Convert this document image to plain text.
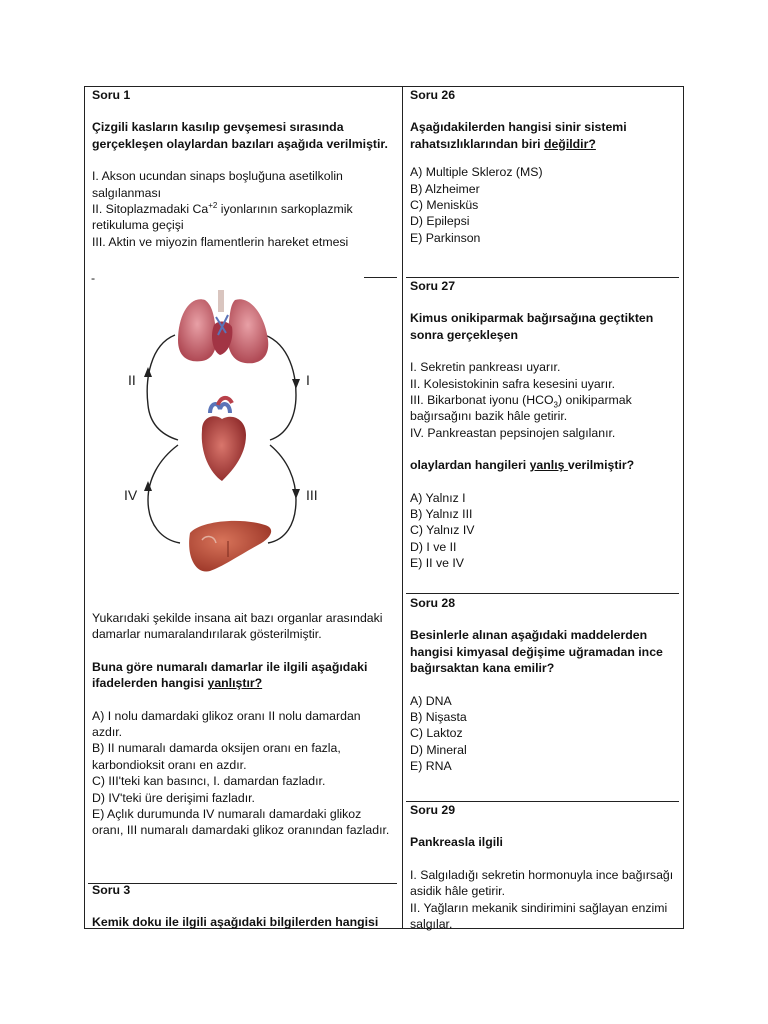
Soru 1

Çizgili kasların kasılıp gevşemesi sırasında gerçekleşen olaylardan bazıları aşağıda verilmiştir.

I. Akson ucundan sinaps boşluğuna asetilkolin salgılanması

II. Sitoplazmadaki $Ca^{+2}$ iyonlarının sarkoplazmik retikuluma geçişi

III. Aktin ve miyozin flamentlerin hareket etmesi

-
I
II
III
IV

Yukarıdaki şekilde insana ait bazı organlar arasındaki damarlar numaralandırılarak gösterilmiştir.

Buna göre numaralı damarlar ile ilgili aşağıdaki ifadelerden hangisi yanlıştır?

A) I nolu damardaki glikoz oranı II nolu damardan azdır.

B) II numaralı damarda oksijen oranı en fazla, karbondioksit oranı en azdır.

C) III'teki kan basıncı, I. damardan fazladır.

D) IV'teki üre derişimi fazladır.

E) Açlık durumunda IV numaralı damardaki glikoz oranı, III numaralı damardaki glikoz oranından fazladır.

Soru 3

Kemik doku ile ilgili aşağıdaki bilgilerden hangisi

Soru 26

Aşağıdakilerden hangisi sinir sistemi rahatsızlıklarından biri değildir?

A) Multiple Skleroz (MS)

B) Alzheimer

C) Menisküs

D) Epilepsi

E) Parkinson

Soru 27

Kimus onikiparmak bağırsağına geçtikten sonra gerçekleşen

I. Sekretin pankreası uyarır.

II. Kolesistokinin safra kesesini uyarır.

III. Bikarbonat iyonu $(HCO_3)$ onikiparmak bağırsağını bazik hâle getirir.

IV. Pankreastan pepsinojen salgılanır.

olaylardan hangileri yanlış verilmiştir?

A) Yalnız I

B) Yalnız III

C) Yalnız IV

D) I ve II

E) II ve IV

Soru 28

Besinlerle alınan aşağıdaki maddelerden hangisi kimyasal değişime uğramadan ince bağırsaktan kana emilir?

A) DNA

B) Nişasta

C) Laktoz

D) Mineral

E) RNA

Soru 29

Pankreasla ilgili

I. Salgıladığı sekretin hormonuyla ince bağırsağı asidik hâle getirir.

II. Yağların mekanik sindirimini sağlayan enzimi salgılar.
